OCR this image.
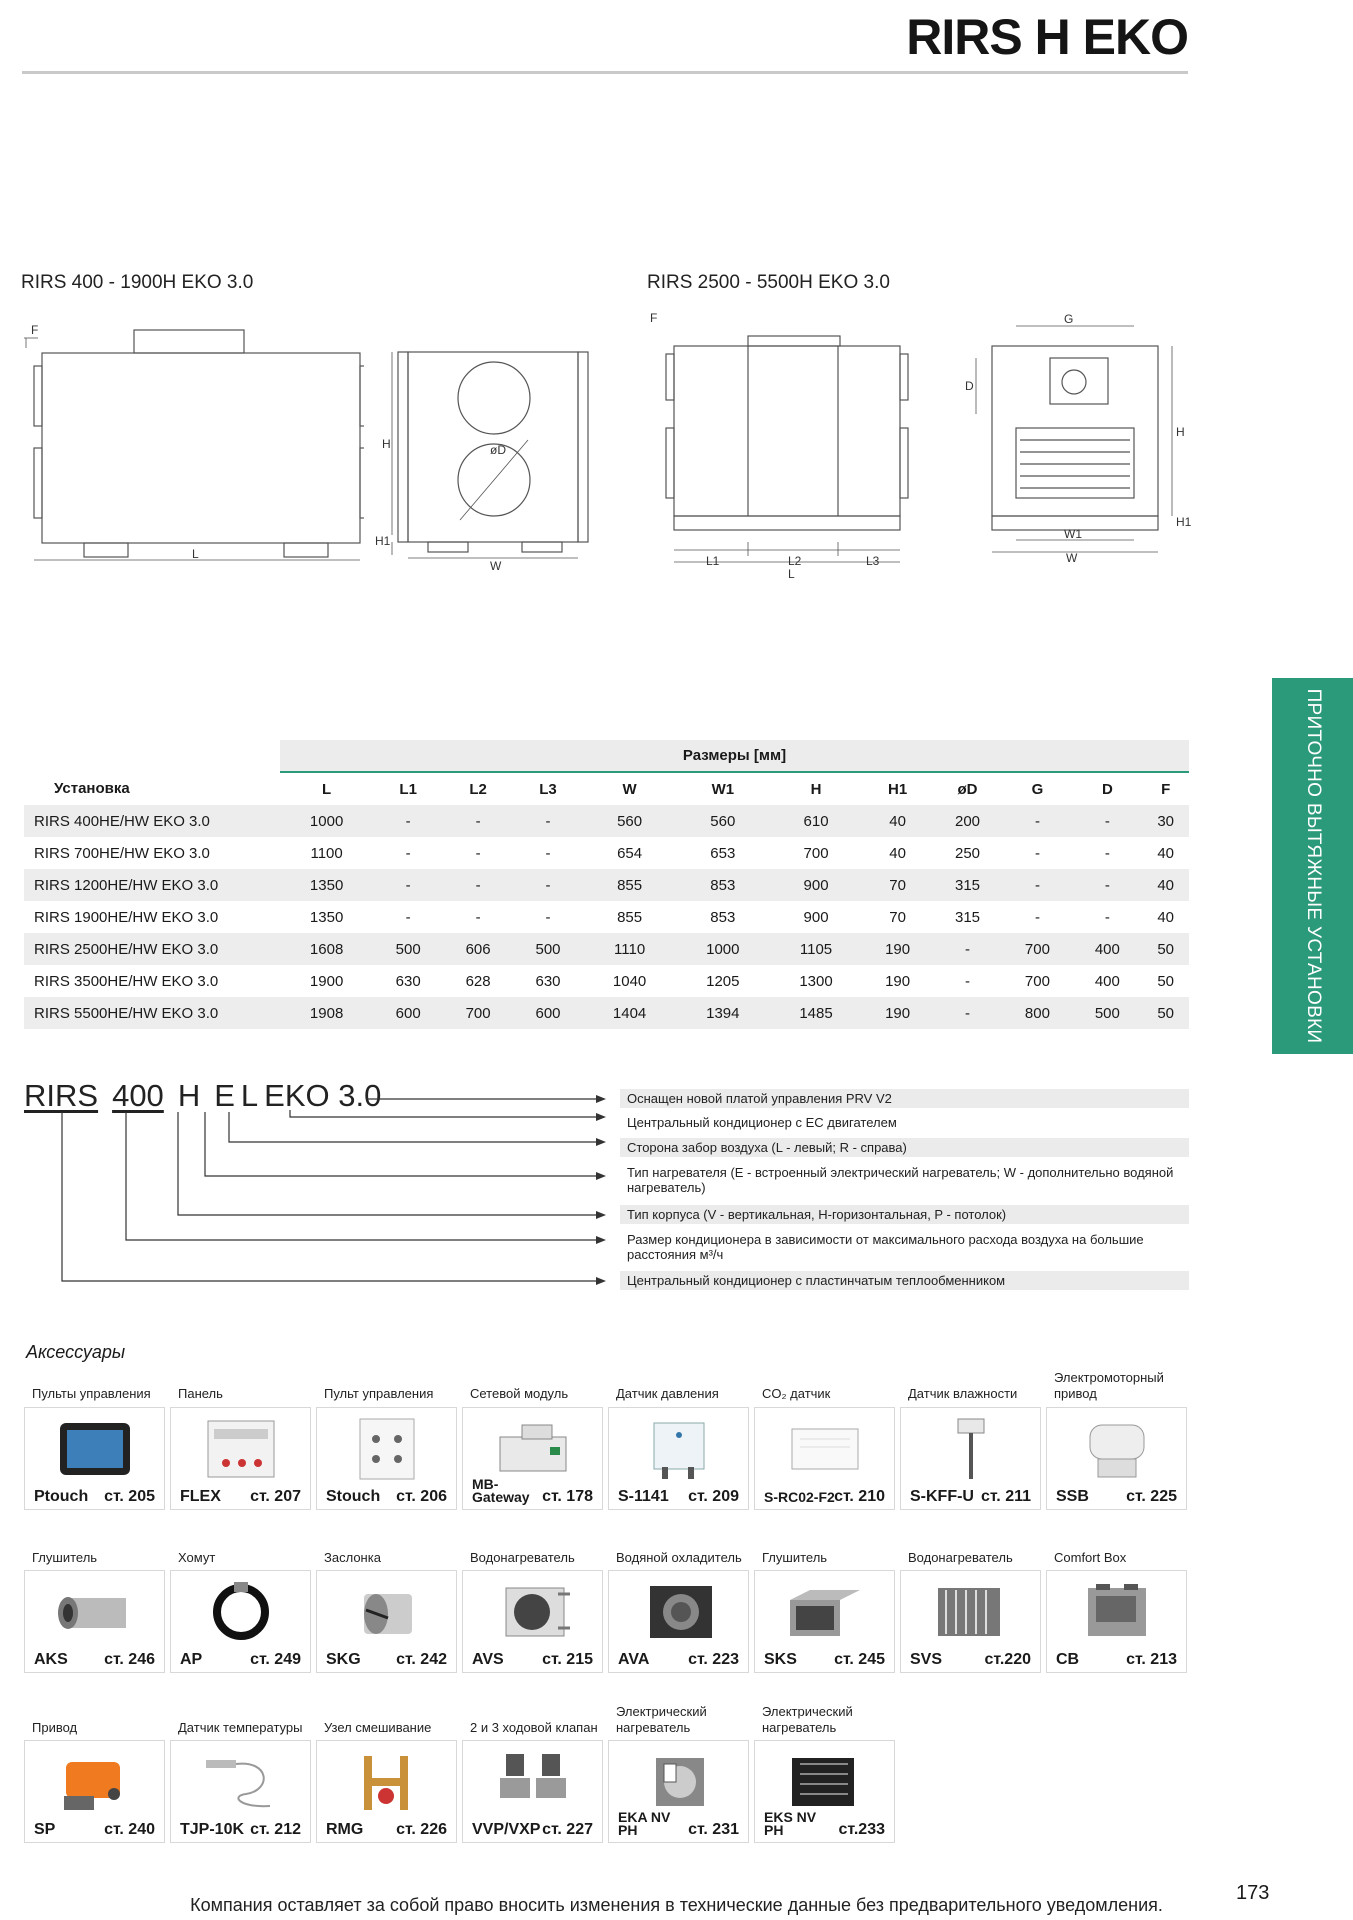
RIRS H EKO
RIRS 400 - 1900H EKO 3.0	RIRS 2500 - 5500H EKO 3.0
F
L
H
H1
øD
W
F
L1	L2	L3
L
G
D
H
H1
W1
W
ПРИТОЧНО ВЫТЯЖНЫЕ УСТАНОВКИ
	Размеры [мм]											
Установка	L	L1	L2	L3	W	W1	H	H1	øD	G	D	F
RIRS 400HE/HW EKO 3.0	1000	-	-	-	560	560	610	40	200	-	-	30
RIRS 700HE/HW EKO 3.0	1100	-	-	-	654	653	700	40	250	-	-	40
RIRS 1200HE/HW EKO 3.0	1350	-	-	-	855	853	900	70	315	-	-	40
RIRS 1900HE/HW EKO 3.0	1350	-	-	-	855	853	900	70	315	-	-	40
RIRS 2500HE/HW EKO 3.0	1608	500	606	500	1110	1000	1105	190	-	700	400	50
RIRS 3500HE/HW EKO 3.0	1900	630	628	630	1040	1205	1300	190	-	700	400	50
RIRS 5500HE/HW EKO 3.0	1908	600	700	600	1404	1394	1485	190	-	800	500	50
RIRS 400 H E L EKO 3.0	Оснащен новой платой управления PRV V2
Центральный кондиционер с EC двигателем
Сторона забор воздуха (L - левый; R - справа)
Тип нагревателя (E - встроенный электрический нагреватель; W - дополнительно водяной нагреватель)
Тип корпуса (V - вертикальная, H-горизонтальная, P - потолок)
Размер кондиционера в зависимости от максимального расхода воздуха на большие расстояния м³/ч
Центральный кондиционер с пластинчатым теплообменником
Аксессуары
Пульты управления
Ptouch ст. 205
Панель
FLEX ст. 207
Пульт управления
Stouch ст. 206
Сетевой модуль
MB-Gateway ст. 178
Датчик давления
S-1141 ст. 209
CO₂ датчик
S-RC02-F2 ст. 210
Датчик влажности
S-KFF-U ст. 211
Электромоторный привод
SSB ст. 225
Глушитель
AKS ст. 246
Хомут
AP	ст. 249
Заслонка
SKG ст. 242
Водонагреватель
AVS ст. 215
Водяной охладитель
AVA ст. 223
Глушитель
SKS ст. 245
Водонагреватель
SVS	ст.220
Comfort Box
CB	ст. 213
Привод
SP	ст. 240
Датчик температуры
TJP-10K ст. 212
Узел смешивание
RMG ст. 226
2 и 3 ходовой клапан
VVP/VXP ст. 227
Электрический нагреватель
EKA NV PH	ст. 231
Электрический нагреватель
EKS NV PH	ст.233
Компания оставляет за собой право вносить изменения в технические данные без предварительного уведомления.
173
